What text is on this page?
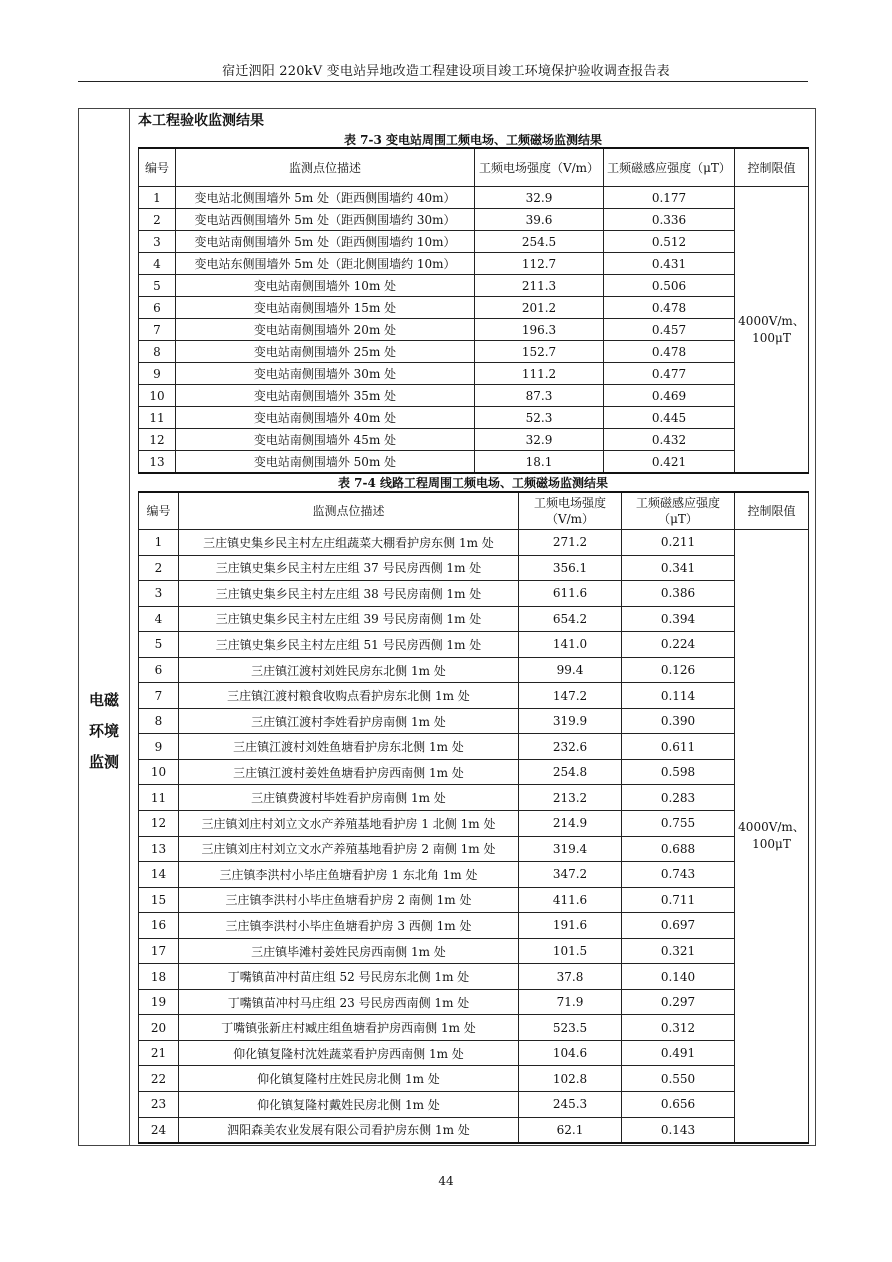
宿迁泗阳 220kV 变电站异地改造工程建设项目竣工环境保护验收调查报告表
电磁
环境
监测
本工程验收监测结果
表 7-3 变电站周围工频电场、工频磁场监测结果
编号	监测点位描述	工频电场强度（V/m）	工频磁感应强度（μT）	控制限值
1	变电站北侧围墙外 5m 处（距西侧围墙约 40m）	32.9	0.177	4000V/m、100μT
2	变电站西侧围墙外 5m 处（距西侧围墙约 30m）	39.6	0.336	
3	变电站南侧围墙外 5m 处（距西侧围墙约 10m）	254.5	0.512	
4	变电站东侧围墙外 5m 处（距北侧围墙约 10m）	112.7	0.431	
5	变电站南侧围墙外 10m 处	211.3	0.506	
6	变电站南侧围墙外 15m 处	201.2	0.478	
7	变电站南侧围墙外 20m 处	196.3	0.457	
8	变电站南侧围墙外 25m 处	152.7	0.478	
9	变电站南侧围墙外 30m 处	111.2	0.477	
10	变电站南侧围墙外 35m 处	87.3	0.469	
11	变电站南侧围墙外 40m 处	52.3	0.445	
12	变电站南侧围墙外 45m 处	32.9	0.432	
13	变电站南侧围墙外 50m 处	18.1	0.421	
表 7-4 线路工程周围工频电场、工频磁场监测结果
编号	监测点位描述	工频电场强度（V/m）	工频磁感应强度（μT）	控制限值
1	三庄镇史集乡民主村左庄组蔬菜大棚看护房东侧 1m 处	271.2	0.211	4000V/m、100μT
2	三庄镇史集乡民主村左庄组 37 号民房西侧 1m 处	356.1	0.341	
3	三庄镇史集乡民主村左庄组 38 号民房南侧 1m 处	611.6	0.386	
4	三庄镇史集乡民主村左庄组 39 号民房南侧 1m 处	654.2	0.394	
5	三庄镇史集乡民主村左庄组 51 号民房西侧 1m 处	141.0	0.224	
6	三庄镇江渡村刘姓民房东北侧 1m 处	99.4	0.126	
7	三庄镇江渡村粮食收购点看护房东北侧 1m 处	147.2	0.114	
8	三庄镇江渡村李姓看护房南侧 1m 处	319.9	0.390	
9	三庄镇江渡村刘姓鱼塘看护房东北侧 1m 处	232.6	0.611	
10	三庄镇江渡村姜姓鱼塘看护房西南侧 1m 处	254.8	0.598	
11	三庄镇费渡村毕姓看护房南侧 1m 处	213.2	0.283	
12	三庄镇刘庄村刘立文水产养殖基地看护房 1 北侧 1m 处	214.9	0.755	
13	三庄镇刘庄村刘立文水产养殖基地看护房 2 南侧 1m 处	319.4	0.688	
14	三庄镇李洪村小毕庄鱼塘看护房 1 东北角 1m 处	347.2	0.743	
15	三庄镇李洪村小毕庄鱼塘看护房 2 南侧 1m 处	411.6	0.711	
16	三庄镇李洪村小毕庄鱼塘看护房 3 西侧 1m 处	191.6	0.697	
17	三庄镇毕滩村姜姓民房西南侧 1m 处	101.5	0.321	
18	丁嘴镇苗冲村苗庄组 52 号民房东北侧 1m 处	37.8	0.140	
19	丁嘴镇苗冲村马庄组 23 号民房西南侧 1m 处	71.9	0.297	
20	丁嘴镇张新庄村臧庄组鱼塘看护房西南侧 1m 处	523.5	0.312	
21	仰化镇复隆村沈姓蔬菜看护房西南侧 1m 处	104.6	0.491	
22	仰化镇复隆村庄姓民房北侧 1m 处	102.8	0.550	
23	仰化镇复隆村戴姓民房北侧 1m 处	245.3	0.656	
24	泗阳森美农业发展有限公司看护房东侧 1m 处	62.1	0.143	
44
